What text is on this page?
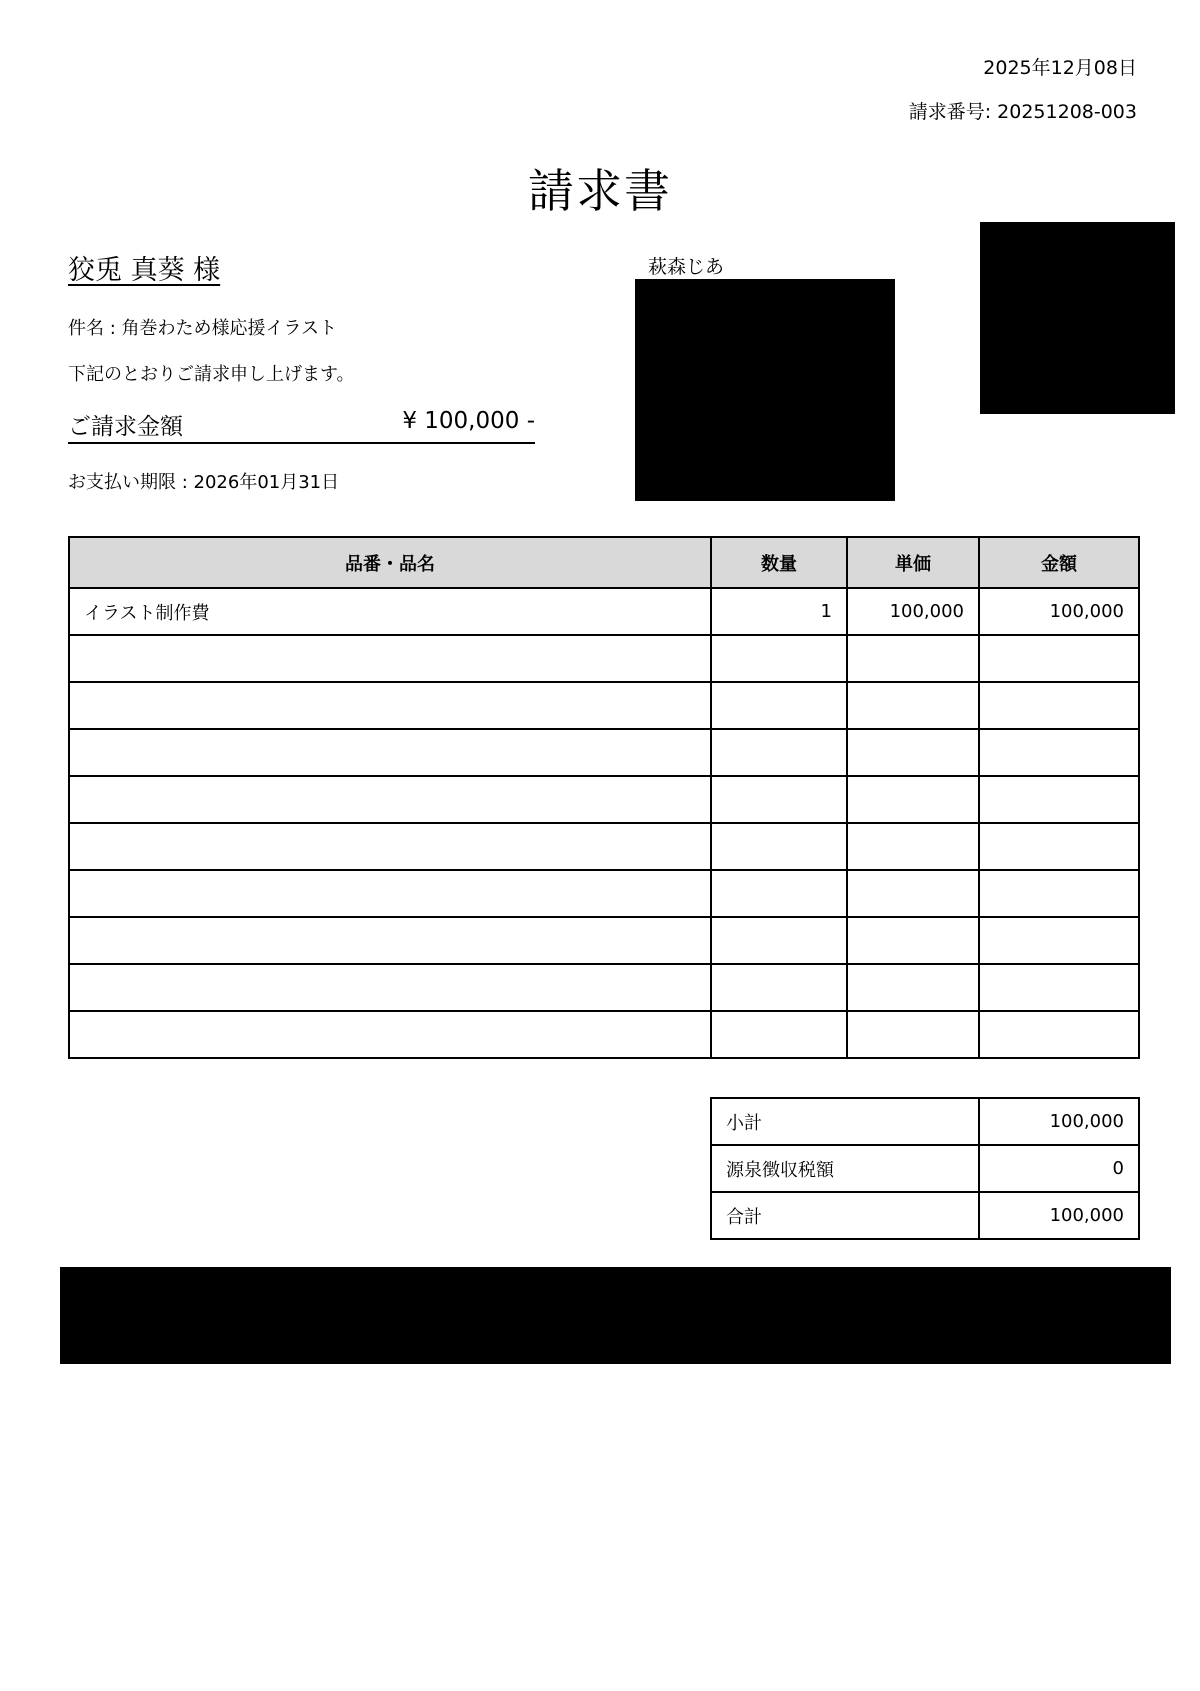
2025年12月08日
請求番号: 20251208-003
請求書
狡兎 真葵 様
件名 : 角巻わため様応援イラスト
下記のとおりご請求申し上げます。
ご請求金額	¥ 100,000 -
お支払い期限 : 2026年01月31日
萩森じあ
品番・品名	数量	単価	金額
イラスト制作費	1	100,000	100,000

小計	100,000
源泉徴収税額	0
合計	100,000
